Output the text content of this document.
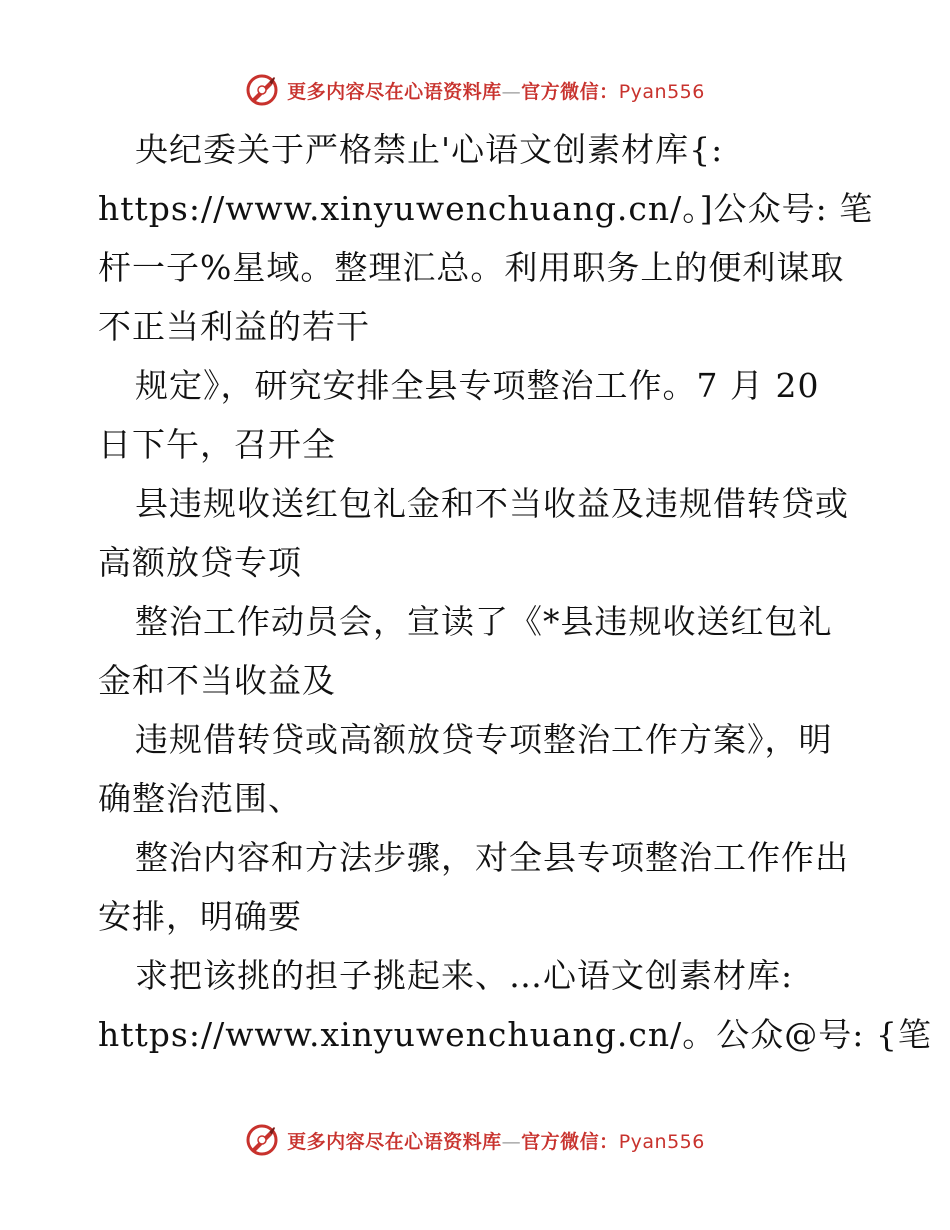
更多内容尽在心语资料库—官方微信：Pyan556
央纪委关于严格禁止'心语文创素材库{:
https://www.xinyuwenchuang.cn/。]公众号: 笔
杆一子%星域。整理汇总。利用职务上的便利谋取
不正当利益的若干
规定》，研究安排全县专项整治工作。7 月 20
日下午，召开全
县违规收送红包礼金和不当收益及违规借转贷或
高额放贷专项
整治工作动员会，宣读了《*县违规收送红包礼
金和不当收益及
违规借转贷或高额放贷专项整治工作方案》，明
确整治范围、
整治内容和方法步骤，对全县专项整治工作作出
安排，明确要
求把该挑的担子挑起来、…心语文创素材库:
https://www.xinyuwenchuang.cn/。公众@号: {笔
更多内容尽在心语资料库—官方微信：Pyan556
